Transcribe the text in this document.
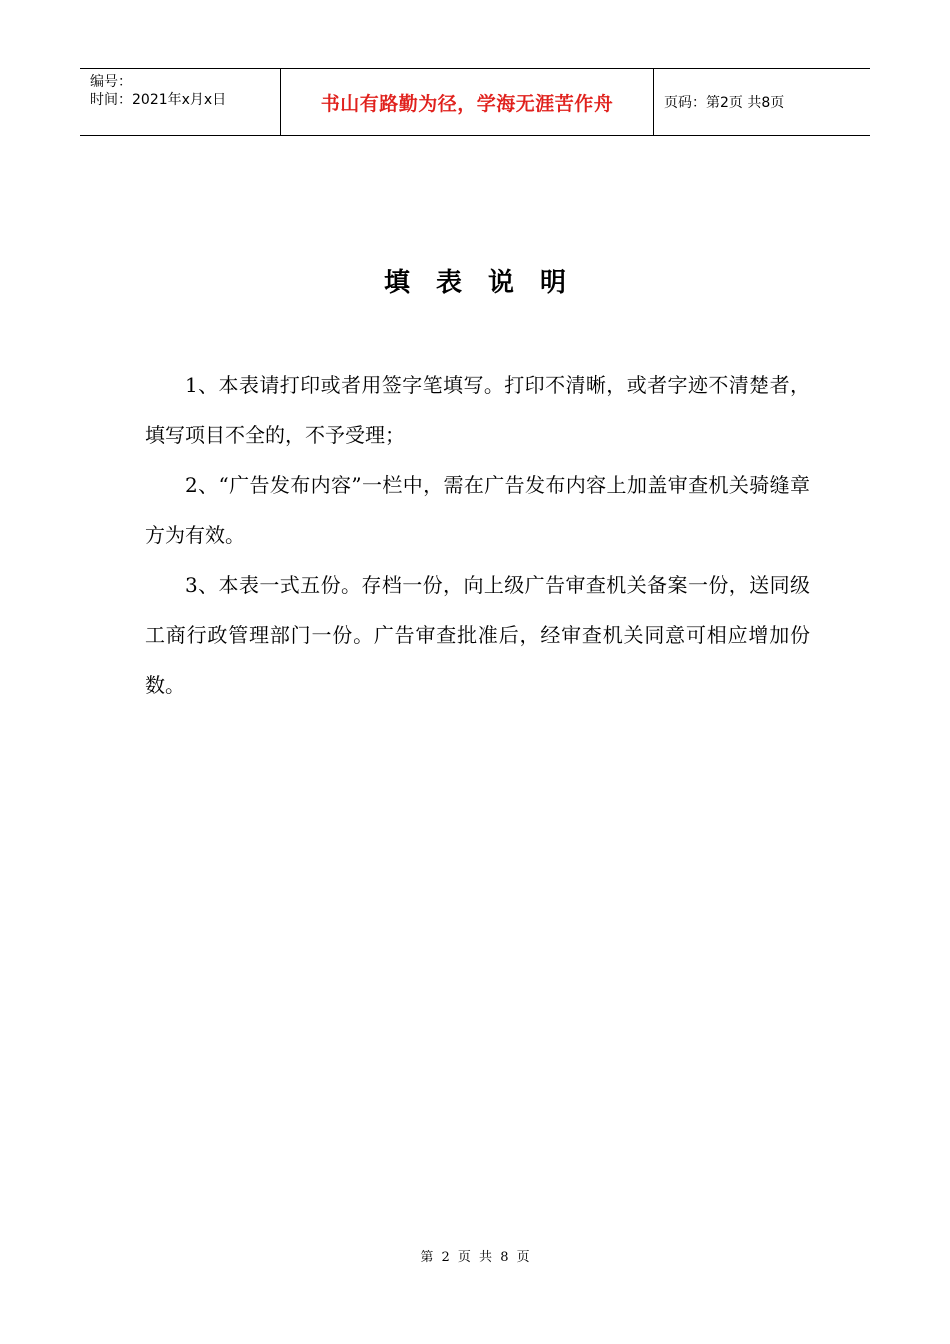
编号：
时间：2021年x月x日	书山有路勤为径，学海无涯苦作舟	页码：第2页 共8页
填表说明

1、本表请打印或者用签字笔填写。打印不清晰，或者字迹不清楚者，填写项目不全的，不予受理；

2、“广告发布内容”一栏中，需在广告发布内容上加盖审查机关骑缝章方为有效。

3、本表一式五份。存档一份，向上级广告审查机关备案一份，送同级工商行政管理部门一份。广告审查批准后，经审查机关同意可相应增加份数。

第 2 页 共 8 页
